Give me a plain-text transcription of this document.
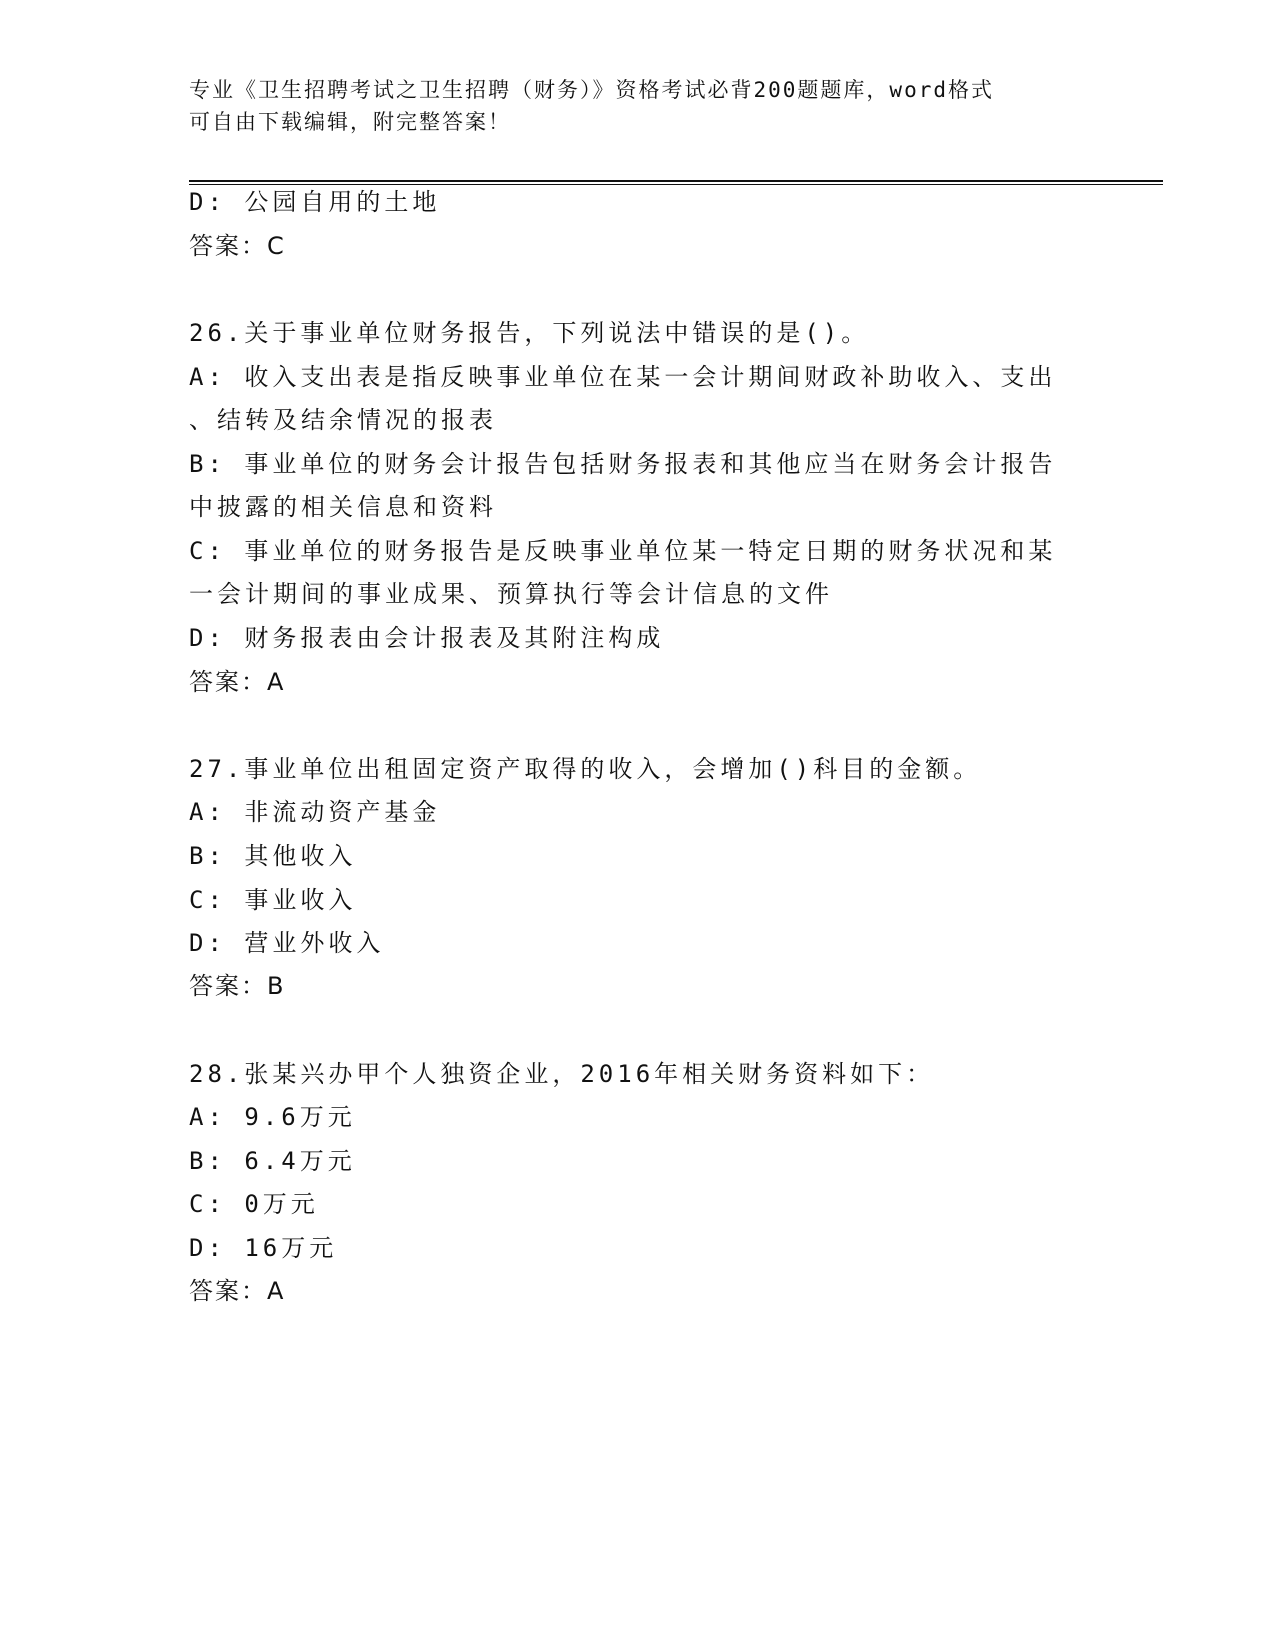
专业《卫生招聘考试之卫生招聘（财务）》资格考试必背200题题库，word格式
可自由下载编辑，附完整答案！
D: 公园自用的土地
答案：C
26.关于事业单位财务报告，下列说法中错误的是()。
A: 收入支出表是指反映事业单位在某一会计期间财政补助收入、支出
、结转及结余情况的报表
B: 事业单位的财务会计报告包括财务报表和其他应当在财务会计报告
中披露的相关信息和资料
C: 事业单位的财务报告是反映事业单位某一特定日期的财务状况和某
一会计期间的事业成果、预算执行等会计信息的文件
D: 财务报表由会计报表及其附注构成
答案：A
27.事业单位出租固定资产取得的收入，会增加()科目的金额。
A: 非流动资产基金
B: 其他收入
C: 事业收入
D: 营业外收入
答案：B
28.张某兴办甲个人独资企业，2016年相关财务资料如下：
A: 9.6万元
B: 6.4万元
C: 0万元
D: 16万元
答案：A
